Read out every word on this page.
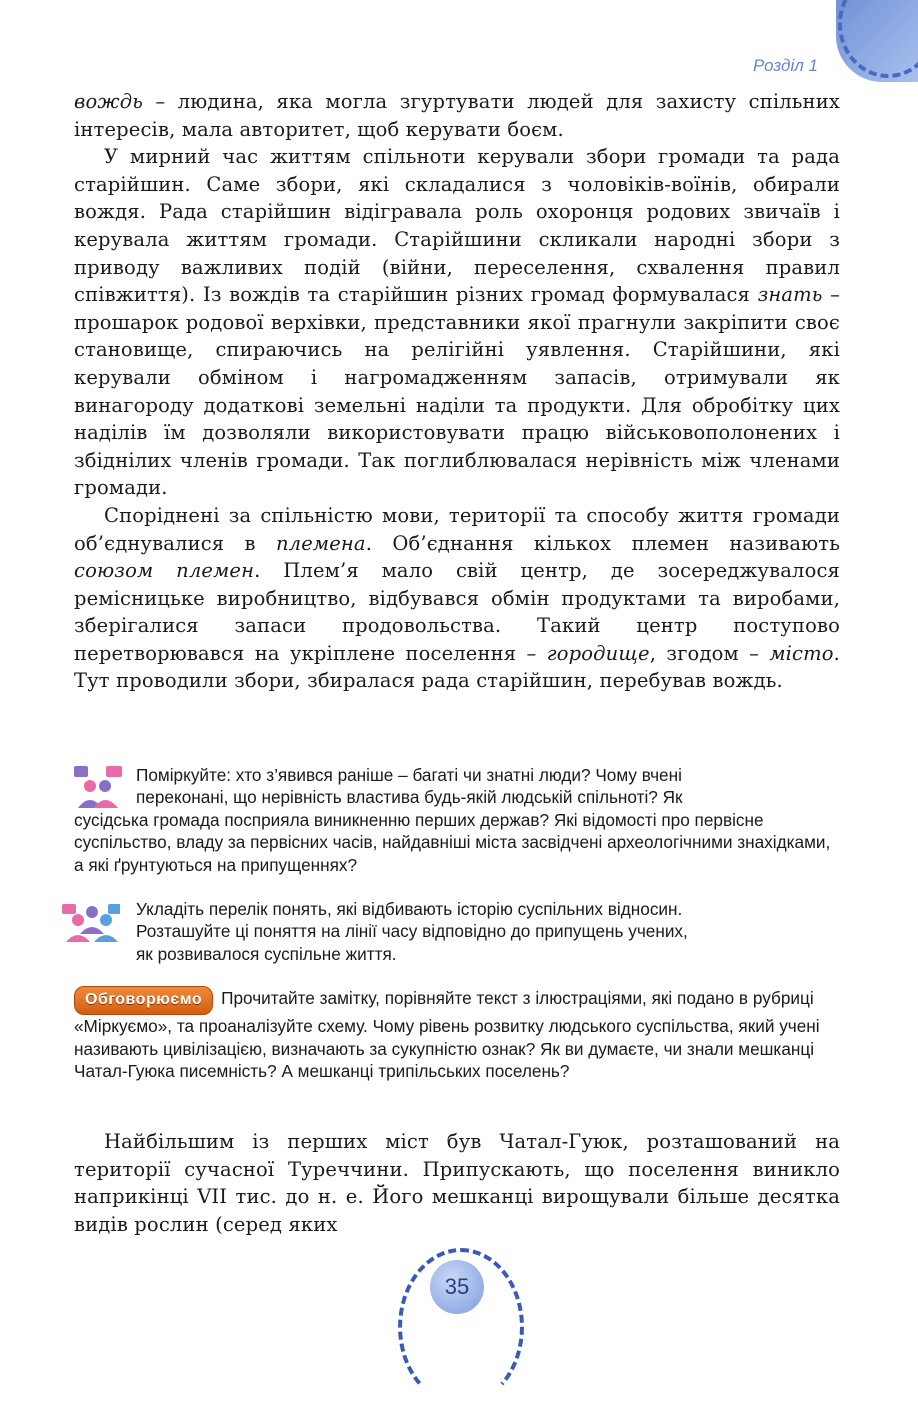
Розділ 1

вождь – людина, яка могла згуртувати людей для захисту спільних інтересів, мала авторитет, щоб керувати боєм.

У мирний час життям спільноти керували збори громади та рада старійшин. Саме збори, які складалися з чоловіків-воїнів, обирали вождя. Рада старійшин відігравала роль охоронця родових звичаїв і керувала життям громади. Старійшини скликали народні збори з приводу важливих подій (війни, переселення, схвалення правил співжиття). Із вождів та старійшин різних громад формувалася знать – прошарок родової верхівки, представники якої прагнули закріпити своє становище, спираючись на релігійні уявлення. Старійшини, які керували обміном і нагромадженням запасів, отримували як винагороду додаткові земельні наділи та продукти. Для обробітку цих наділів їм дозволяли використовувати працю військовополонених і збіднілих членів громади. Так поглиблювалася нерівність між членами громади.

Споріднені за спільністю мови, території та способу життя громади об’єднувалися в племена. Об’єднання кількох племен називають союзом племен. Плем’я мало свій центр, де зосереджувалося ремісницьке виробництво, відбувався обмін продуктами та виробами, зберігалися запаси продовольства. Такий центр поступово перетворювався на укріплене поселення – городище, згодом – місто. Тут проводили збори, збиралася рада старійшин, перебував вождь.

Поміркуйте: хто з’явився раніше – багаті чи знатні люди? Чому вчені
переконані, що нерівність властива будь-якій людській спільноті? Як
сусідська громада посприяла виникненню перших держав? Які відомості про первісне суспільство, владу за первісних часів, найдавніші міста засвідчені археологічними знахідками, а які ґрунтуються на припущеннях?
Укладіть перелік понять, які відбивають історію суспільних відносин.
Розташуйте ці поняття на лінії часу відповідно до припущень учених,
як розвивалося суспільне життя.
Обговорюємо Прочитайте замітку, порівняйте текст з ілюстраціями, які подано в рубриці «Міркуємо», та проаналізуйте схему. Чому рівень розвитку людського суспільства, який учені називають цивілізацією, визначають за сукупністю ознак? Як ви думаєте, чи знали мешканці Чатал-Гуюка писемність? А мешканці трипільських поселень?

Найбільшим із перших міст був Чатал-Гуюк, розташований на території сучасної Туреччини. Припускають, що поселення виникло наприкінці VII тис. до н. е. Його мешканці вирощували більше десятка видів рослин (серед яких

35
